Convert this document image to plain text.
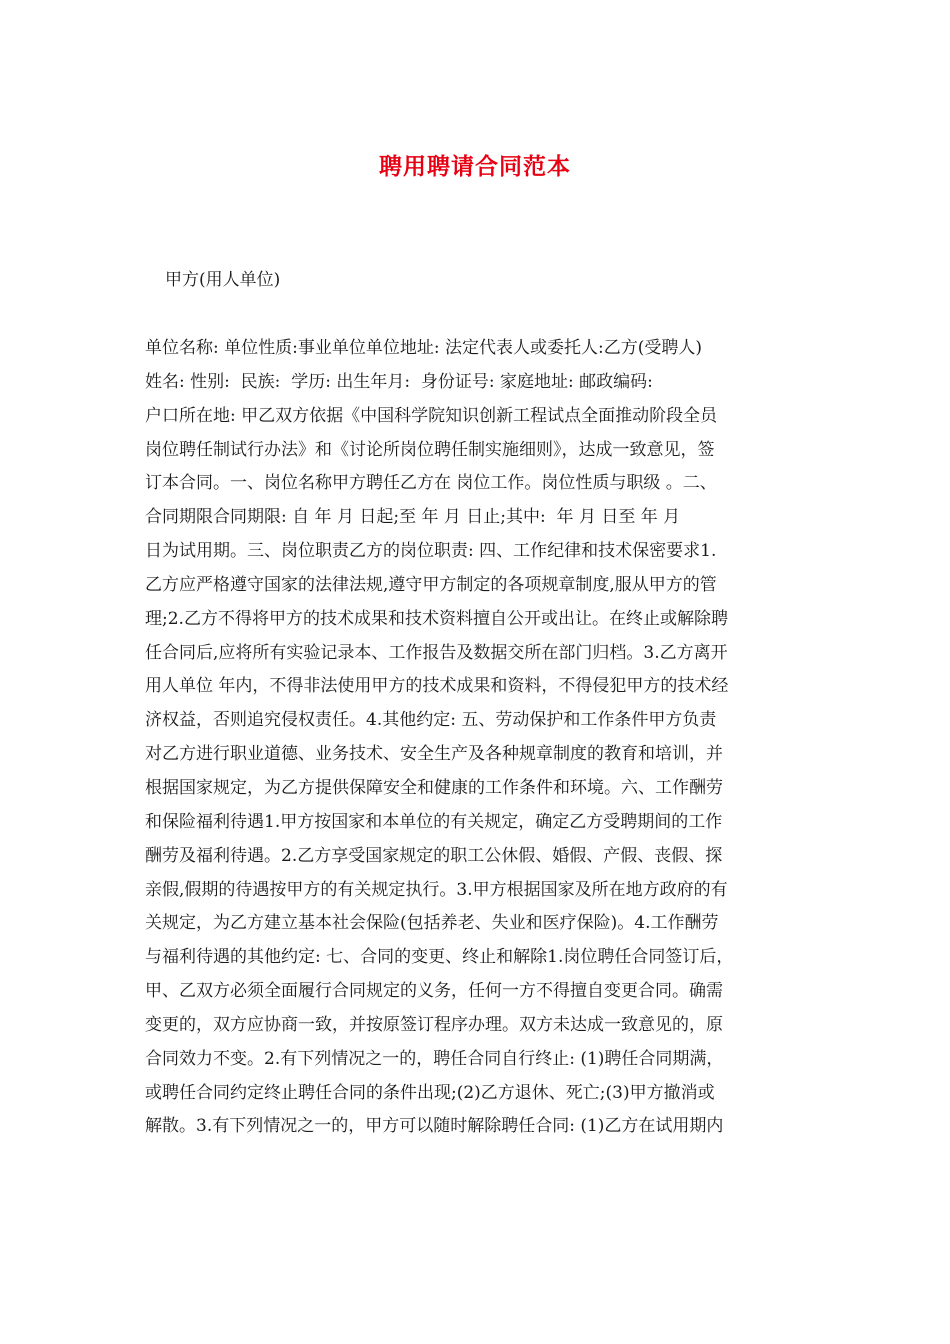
聘用聘请合同范本
甲方(用人单位)
单位名称: 单位性质:事业单位单位地址: 法定代表人或委托人:乙方(受聘人)
姓名: 性别:  民族:  学历: 出生年月:  身份证号: 家庭地址: 邮政编码:
户口所在地: 甲乙双方依据《中国科学院知识创新工程试点全面推动阶段全员
岗位聘任制试行办法》和《讨论所岗位聘任制实施细则》，达成一致意见，签
订本合同。一、岗位名称甲方聘任乙方在 岗位工作。岗位性质与职级 。二、
合同期限合同期限: 自 年 月 日起;至 年 月 日止;其中:  年 月 日至 年 月
日为试用期。三、岗位职责乙方的岗位职责: 四、工作纪律和技术保密要求1.
乙方应严格遵守国家的法律法规,遵守甲方制定的各项规章制度,服从甲方的管
理;2.乙方不得将甲方的技术成果和技术资料擅自公开或出让。在终止或解除聘
任合同后,应将所有实验记录本、工作报告及数据交所在部门归档。3.乙方离开
用人单位 年内，不得非法使用甲方的技术成果和资料，不得侵犯甲方的技术经
济权益，否则追究侵权责任。4.其他约定: 五、劳动保护和工作条件甲方负责
对乙方进行职业道德、业务技术、安全生产及各种规章制度的教育和培训，并
根据国家规定，为乙方提供保障安全和健康的工作条件和环境。六、工作酬劳
和保险福利待遇1.甲方按国家和本单位的有关规定，确定乙方受聘期间的工作
酬劳及福利待遇。2.乙方享受国家规定的职工公休假、婚假、产假、丧假、探
亲假,假期的待遇按甲方的有关规定执行。3.甲方根据国家及所在地方政府的有
关规定，为乙方建立基本社会保险(包括养老、失业和医疗保险)。4.工作酬劳
与福利待遇的其他约定: 七、合同的变更、终止和解除1.岗位聘任合同签订后，
甲、乙双方必须全面履行合同规定的义务，任何一方不得擅自变更合同。确需
变更的，双方应协商一致，并按原签订程序办理。双方未达成一致意见的，原
合同效力不变。2.有下列情况之一的，聘任合同自行终止: (1)聘任合同期满，
或聘任合同约定终止聘任合同的条件出现;(2)乙方退休、死亡;(3)甲方撤消或
解散。3.有下列情况之一的，甲方可以随时解除聘任合同: (1)乙方在试用期内
